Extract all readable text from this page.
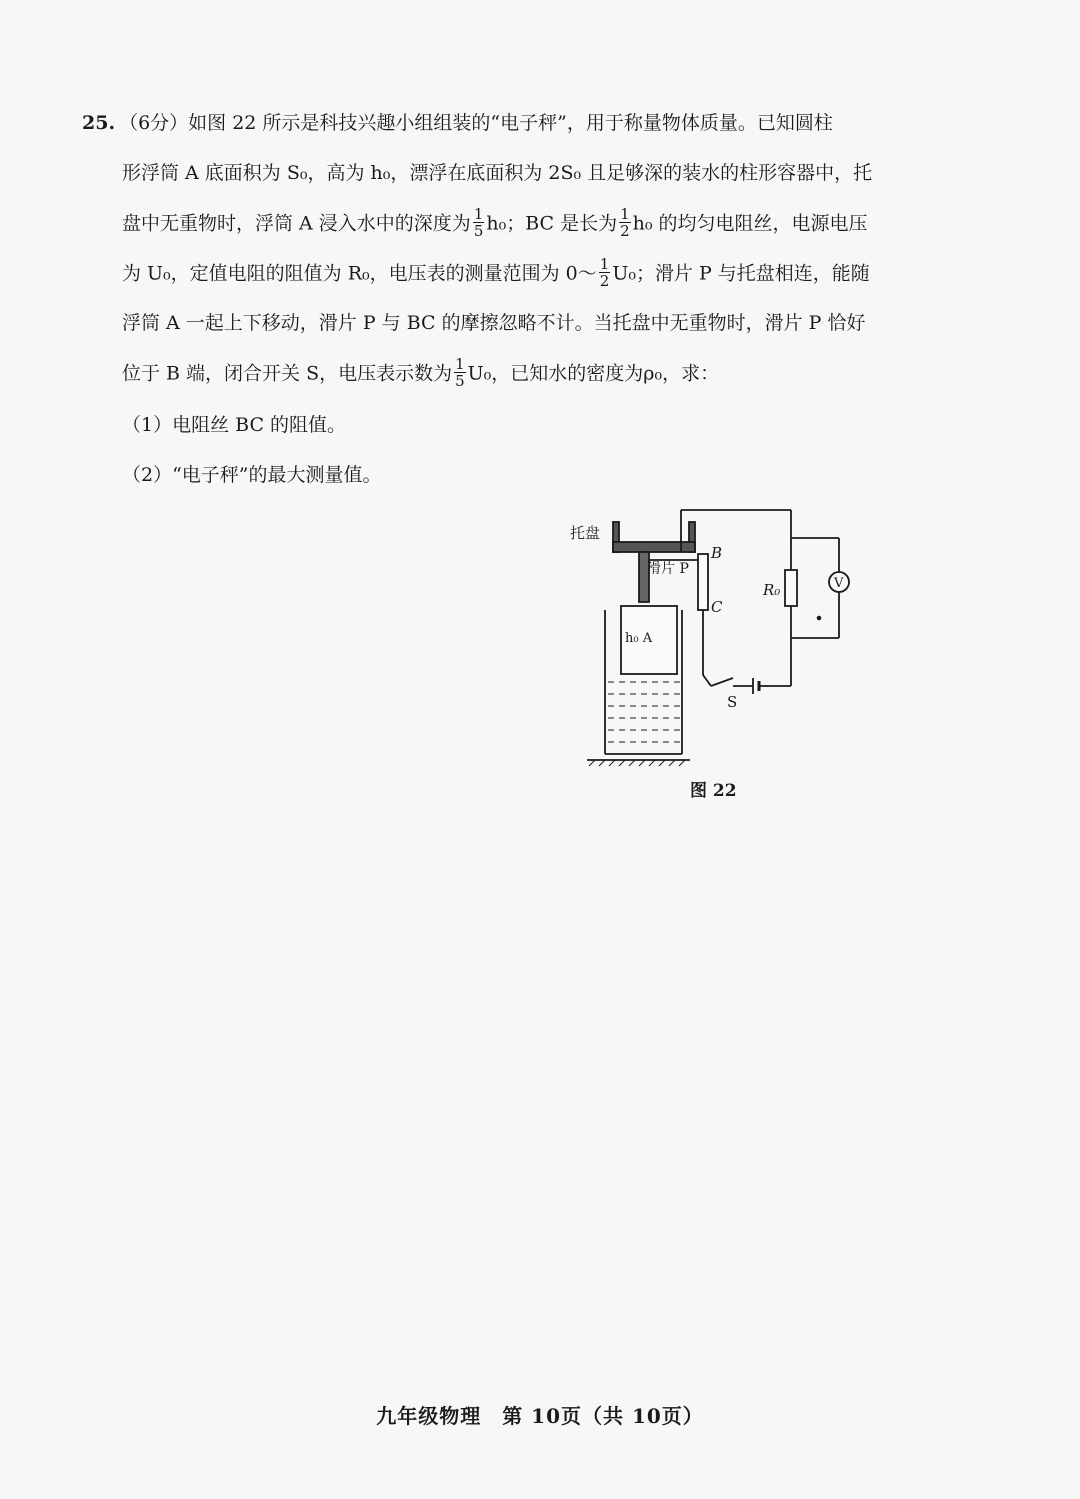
25. （6分）如图 22 所示是科技兴趣小组组装的“电子秤”，用于称量物体质量。已知圆柱
形浮筒 A 底面积为 S₀，高为 h₀，漂浮在底面积为 2S₀ 且足够深的装水的柱形容器中，托
盘中无重物时，浮筒 A 浸入水中的深度为 $\frac{1}{5} h_0$；BC 是长为 $\frac{1}{2} h_0$ 的均匀电阻丝，电源电压
为 U₀，定值电阻的阻值为 R₀，电压表的测量范围为 0～ $\frac{1}{2} U_0$；滑片 P 与托盘相连，能随
浮筒 A 一起上下移动，滑片 P 与 BC 的摩擦忽略不计。当托盘中无重物时，滑片 P 恰好
位于 B 端，闭合开关 S，电压表示数为 $\frac{1}{5} U_0$，已知水的密度为ρ₀，求：
（1）电阻丝 BC 的阻值。
（2）“电子秤”的最大测量值。
托盘
滑片 P
B
C
R₀	V
h₀ A
S
图 22
九年级物理　第 10页（共 10页）
